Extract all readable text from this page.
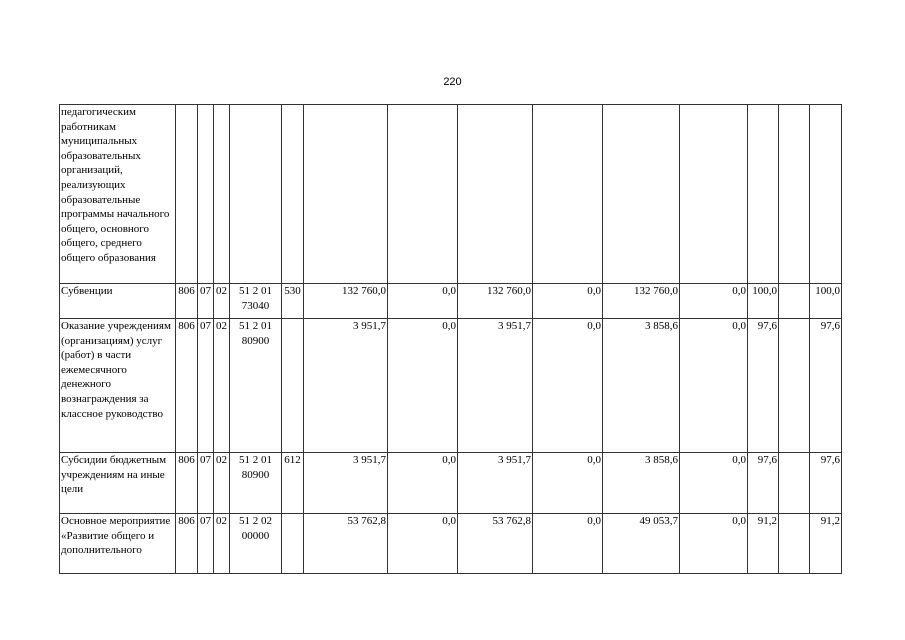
220
педагогическим работникам муниципальных образовательных организаций, реализующих образовательные программы начального общего, основного общего, среднего общего образования														
Субвенции	806	07	02	51 2 01 73040	530	132 760,0	0,0	132 760,0	0,0	132 760,0	0,0	100,0		100,0
Оказание учреждениям (организациям) услуг (работ) в части ежемесячного денежного вознаграждения за классное руководство	806	07	02	51 2 01 80900		3 951,7	0,0	3 951,7	0,0	3 858,6	0,0	97,6		97,6
Субсидии бюджетным учреждениям на иные цели	806	07	02	51 2 01 80900	612	3 951,7	0,0	3 951,7	0,0	3 858,6	0,0	97,6		97,6
Основное мероприятие «Развитие общего и дополнительного	806	07	02	51 2 02 00000		53 762,8	0,0	53 762,8	0,0	49 053,7	0,0	91,2		91,2
